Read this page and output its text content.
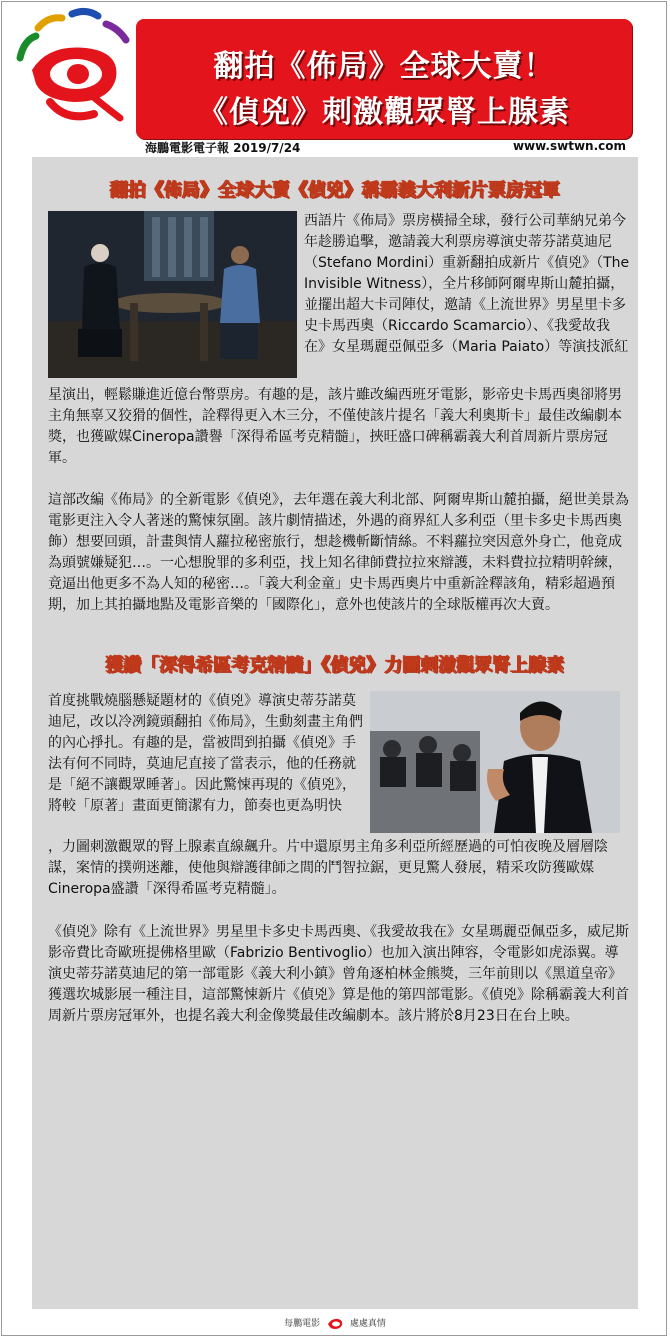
翻拍《佈局》全球大賣！
《偵兇》刺激觀眾腎上腺素
海鵬電影電子報 2019/7/24	www.swtwn.com
翻拍《佈局》全球大賣《偵兇》稱霸義大利新片票房冠軍

西語片《佈局》票房橫掃全球，發行公司華納兄弟今年趁勝追擊，邀請義大利票房導演史蒂芬諾莫迪尼（Stefano Mordini）重新翻拍成新片《偵兇》（The Invisible Witness），全片移師阿爾卑斯山麓拍攝，並擺出超大卡司陣仗，邀請《上流世界》男星里卡多史卡馬西奧（Riccardo Scamarcio）、《我愛故我在》女星瑪麗亞佩亞多（Maria Paiato）等演技派紅

星演出，輕鬆賺進近億台幣票房。有趣的是，該片雖改編西班牙電影，影帝史卡馬西奧卻將男主角無辜又狡猾的個性，詮釋得更入木三分，不僅使該片提名「義大利奧斯卡」最佳改編劇本獎，也獲歐媒Cineropa讚譽「深得希區考克精髓」，挾旺盛口碑稱霸義大利首周新片票房冠軍。

這部改編《佈局》的全新電影《偵兇》，去年選在義大利北部、阿爾卑斯山麓拍攝，絕世美景為電影更注入令人著迷的驚悚氛圍。該片劇情描述，外遇的商界紅人多利亞（里卡多史卡馬西奧 飾）想要回頭，計畫與情人蘿拉秘密旅行，想趁機斬斷情絲。不料蘿拉突因意外身亡，他竟成為頭號嫌疑犯…。一心想脫罪的多利亞，找上知名律師費拉拉來辯護，未料費拉拉精明幹練，竟逼出他更多不為人知的秘密…。「義大利金童」史卡馬西奧片中重新詮釋該角，精彩超過預期，加上其拍攝地點及電影音樂的「國際化」，意外也使該片的全球版權再次大賣。

獲讚「深得希區考克精髓」《偵兇》力圖刺激觀眾腎上腺素

首度挑戰燒腦懸疑題材的《偵兇》導演史蒂芬諾莫迪尼，改以冷冽鏡頭翻拍《佈局》，生動刻畫主角們的內心掙扎。有趣的是，當被問到拍攝《偵兇》手法有何不同時，莫迪尼直接了當表示，他的任務就是「絕不讓觀眾睡著」。因此驚悚再現的《偵兇》，將較「原著」畫面更簡潔有力，節奏也更為明快

，力圖刺激觀眾的腎上腺素直線飆升。片中還原男主角多利亞所經歷過的可怕夜晚及層層陰謀，案情的撲朔迷離，使他與辯護律師之間的鬥智拉鋸，更見驚人發展，精采攻防獲歐媒Cineropa盛讚「深得希區考克精髓」。

《偵兇》除有《上流世界》男星里卡多史卡馬西奧、《我愛故我在》女星瑪麗亞佩亞多，威尼斯影帝費比奇歐班提佛格里歐（Fabrizio Bentivoglio）也加入演出陣容，令電影如虎添翼。導演史蒂芬諾莫迪尼的第一部電影《義大利小鎮》曾角逐柏林金熊獎，三年前則以《黑道皇帝》獲選坎城影展一種注目，這部驚悚新片《偵兇》算是他的第四部電影。《偵兇》除稱霸義大利首周新片票房冠軍外，也提名義大利金像獎最佳改編劇本。該片將於8月23日在台上映。

每鵬電影	處處真情
